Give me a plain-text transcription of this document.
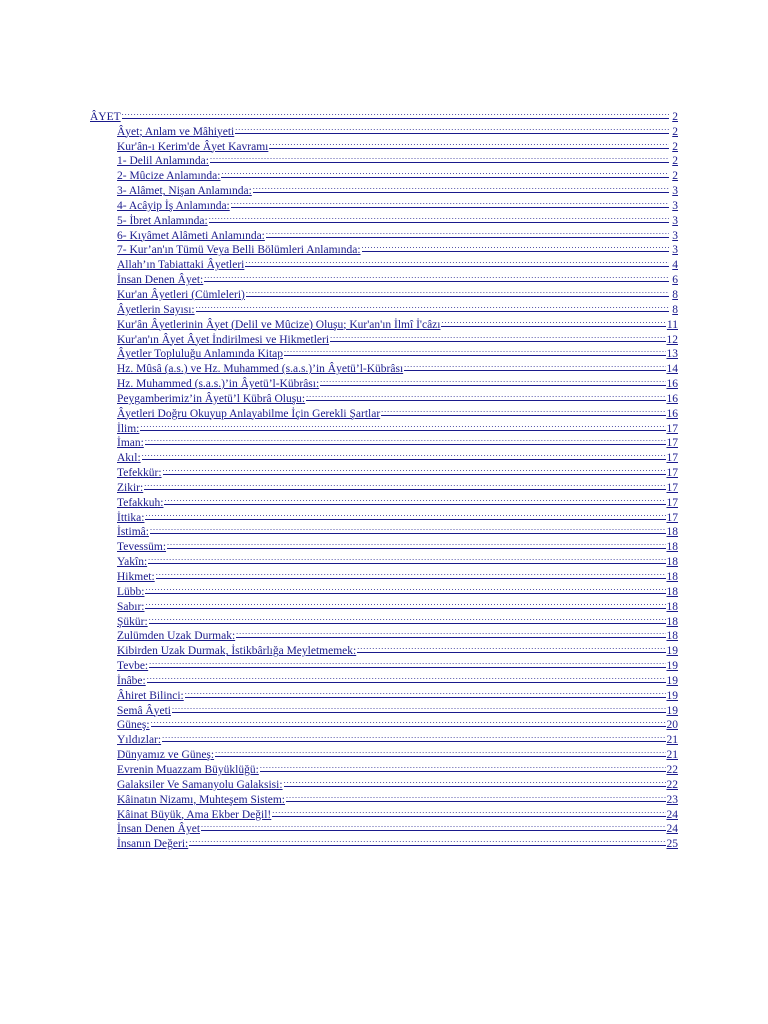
ÂYET .....	2
Âyet; Anlam ve Mâhiyeti .....	2
Kur'ân-ı Kerim'de Âyet Kavramı .....	2
1- Delil Anlamında: .....	2
2- Mûcize Anlamında: .....	2
3- Alâmet, Nişan Anlamında: .....	3
4- Acâyip İş Anlamında: .....	3
5- İbret Anlamında: .....	3
6- Kıyâmet Alâmeti Anlamında: .....	3
7- Kur’an'ın Tümü Veya Belli Bölümleri Anlamında: .....	3
Allah’ın Tabiattaki Âyetleri .....	4
İnsan Denen Âyet: .....	6
Kur'an Âyetleri (Cümleleri) .....	8
Âyetlerin Sayısı: .....	8
Kur'ân Âyetlerinin Âyet (Delil ve Mûcize) Oluşu; Kur'an'ın İlmî İ'câzı .....	11
Kur'an'ın Âyet Âyet İndirilmesi ve Hikmetleri .....	12
Âyetler Topluluğu Anlamında Kitap .....	13
Hz. Mûsâ (a.s.) ve Hz. Muhammed (s.a.s.)’in Âyetü’l-Kübrâsı .....	14
Hz. Muhammed (s.a.s.)’in Âyetü’l-Kübrâsı: .....	16
Peygamberimiz’in Âyetü’l Kübrâ Oluşu: .....	16
Âyetleri Doğru Okuyup Anlayabilme İçin Gerekli Şartlar .....	16
İlim: .....	17
İman: .....	17
Akıl: .....	17
Tefekkür: .....	17
Zikir: .....	17
Tefakkuh: .....	17
İttika: .....	17
İstimâ: .....	18
Tevessüm: .....	18
Yakîn: .....	18
Hikmet: .....	18
Lübb: .....	18
Sabır: .....	18
Şükür: .....	18
Zulümden Uzak Durmak: .....	18
Kibirden Uzak Durmak, İstikbârlığa Meyletmemek: .....	19
Tevbe: .....	19
İnâbe: .....	19
Âhiret Bilinci: .....	19
Semâ Âyeti .....	19
Güneş: .....	20
Yıldızlar: .....	21
Dünyamız ve Güneş: .....	21
Evrenin Muazzam Büyüklüğü: .....	22
Galaksiler Ve Samanyolu Galaksisi: .....	22
Kâinatın Nizamı, Muhteşem Sistem: .....	23
Kâinat Büyük, Ama Ekber Değil! .....	24
İnsan Denen Âyet .....	24
İnsanın Değeri: .....	25
